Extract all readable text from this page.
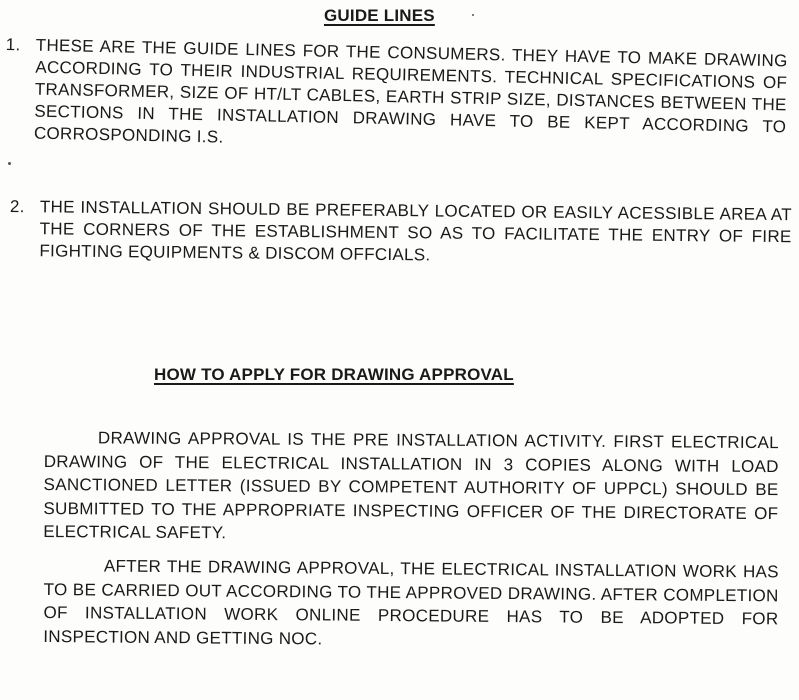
GUIDE LINES
1. THESE ARE THE GUIDE LINES FOR THE CONSUMERS. THEY HAVE TO MAKE DRAWING ACCORDING TO THEIR INDUSTRIAL REQUIREMENTS. TECHNICAL SPECIFICATIONS OF TRANSFORMER, SIZE OF HT/LT CABLES, EARTH STRIP SIZE, DISTANCES BETWEEN THE SECTIONS IN THE INSTALLATION DRAWING HAVE TO BE KEPT ACCORDING TO CORROSPONDING I.S.
2. THE INSTALLATION SHOULD BE PREFERABLY LOCATED OR EASILY ACESSIBLE AREA AT THE CORNERS OF THE ESTABLISHMENT SO AS TO FACILITATE THE ENTRY OF FIRE FIGHTING EQUIPMENTS & DISCOM OFFCIALS.
HOW TO APPLY FOR DRAWING APPROVAL
DRAWING APPROVAL IS THE PRE INSTALLATION ACTIVITY. FIRST ELECTRICAL DRAWING OF THE ELECTRICAL INSTALLATION IN 3 COPIES ALONG WITH LOAD SANCTIONED LETTER (ISSUED BY COMPETENT AUTHORITY OF UPPCL) SHOULD BE SUBMITTED TO THE APPROPRIATE INSPECTING OFFICER OF THE DIRECTORATE OF ELECTRICAL SAFETY.
AFTER THE DRAWING APPROVAL, THE ELECTRICAL INSTALLATION WORK HAS TO BE CARRIED OUT ACCORDING TO THE APPROVED DRAWING. AFTER COMPLETION OF INSTALLATION WORK ONLINE PROCEDURE HAS TO BE ADOPTED FOR INSPECTION AND GETTING NOC.
